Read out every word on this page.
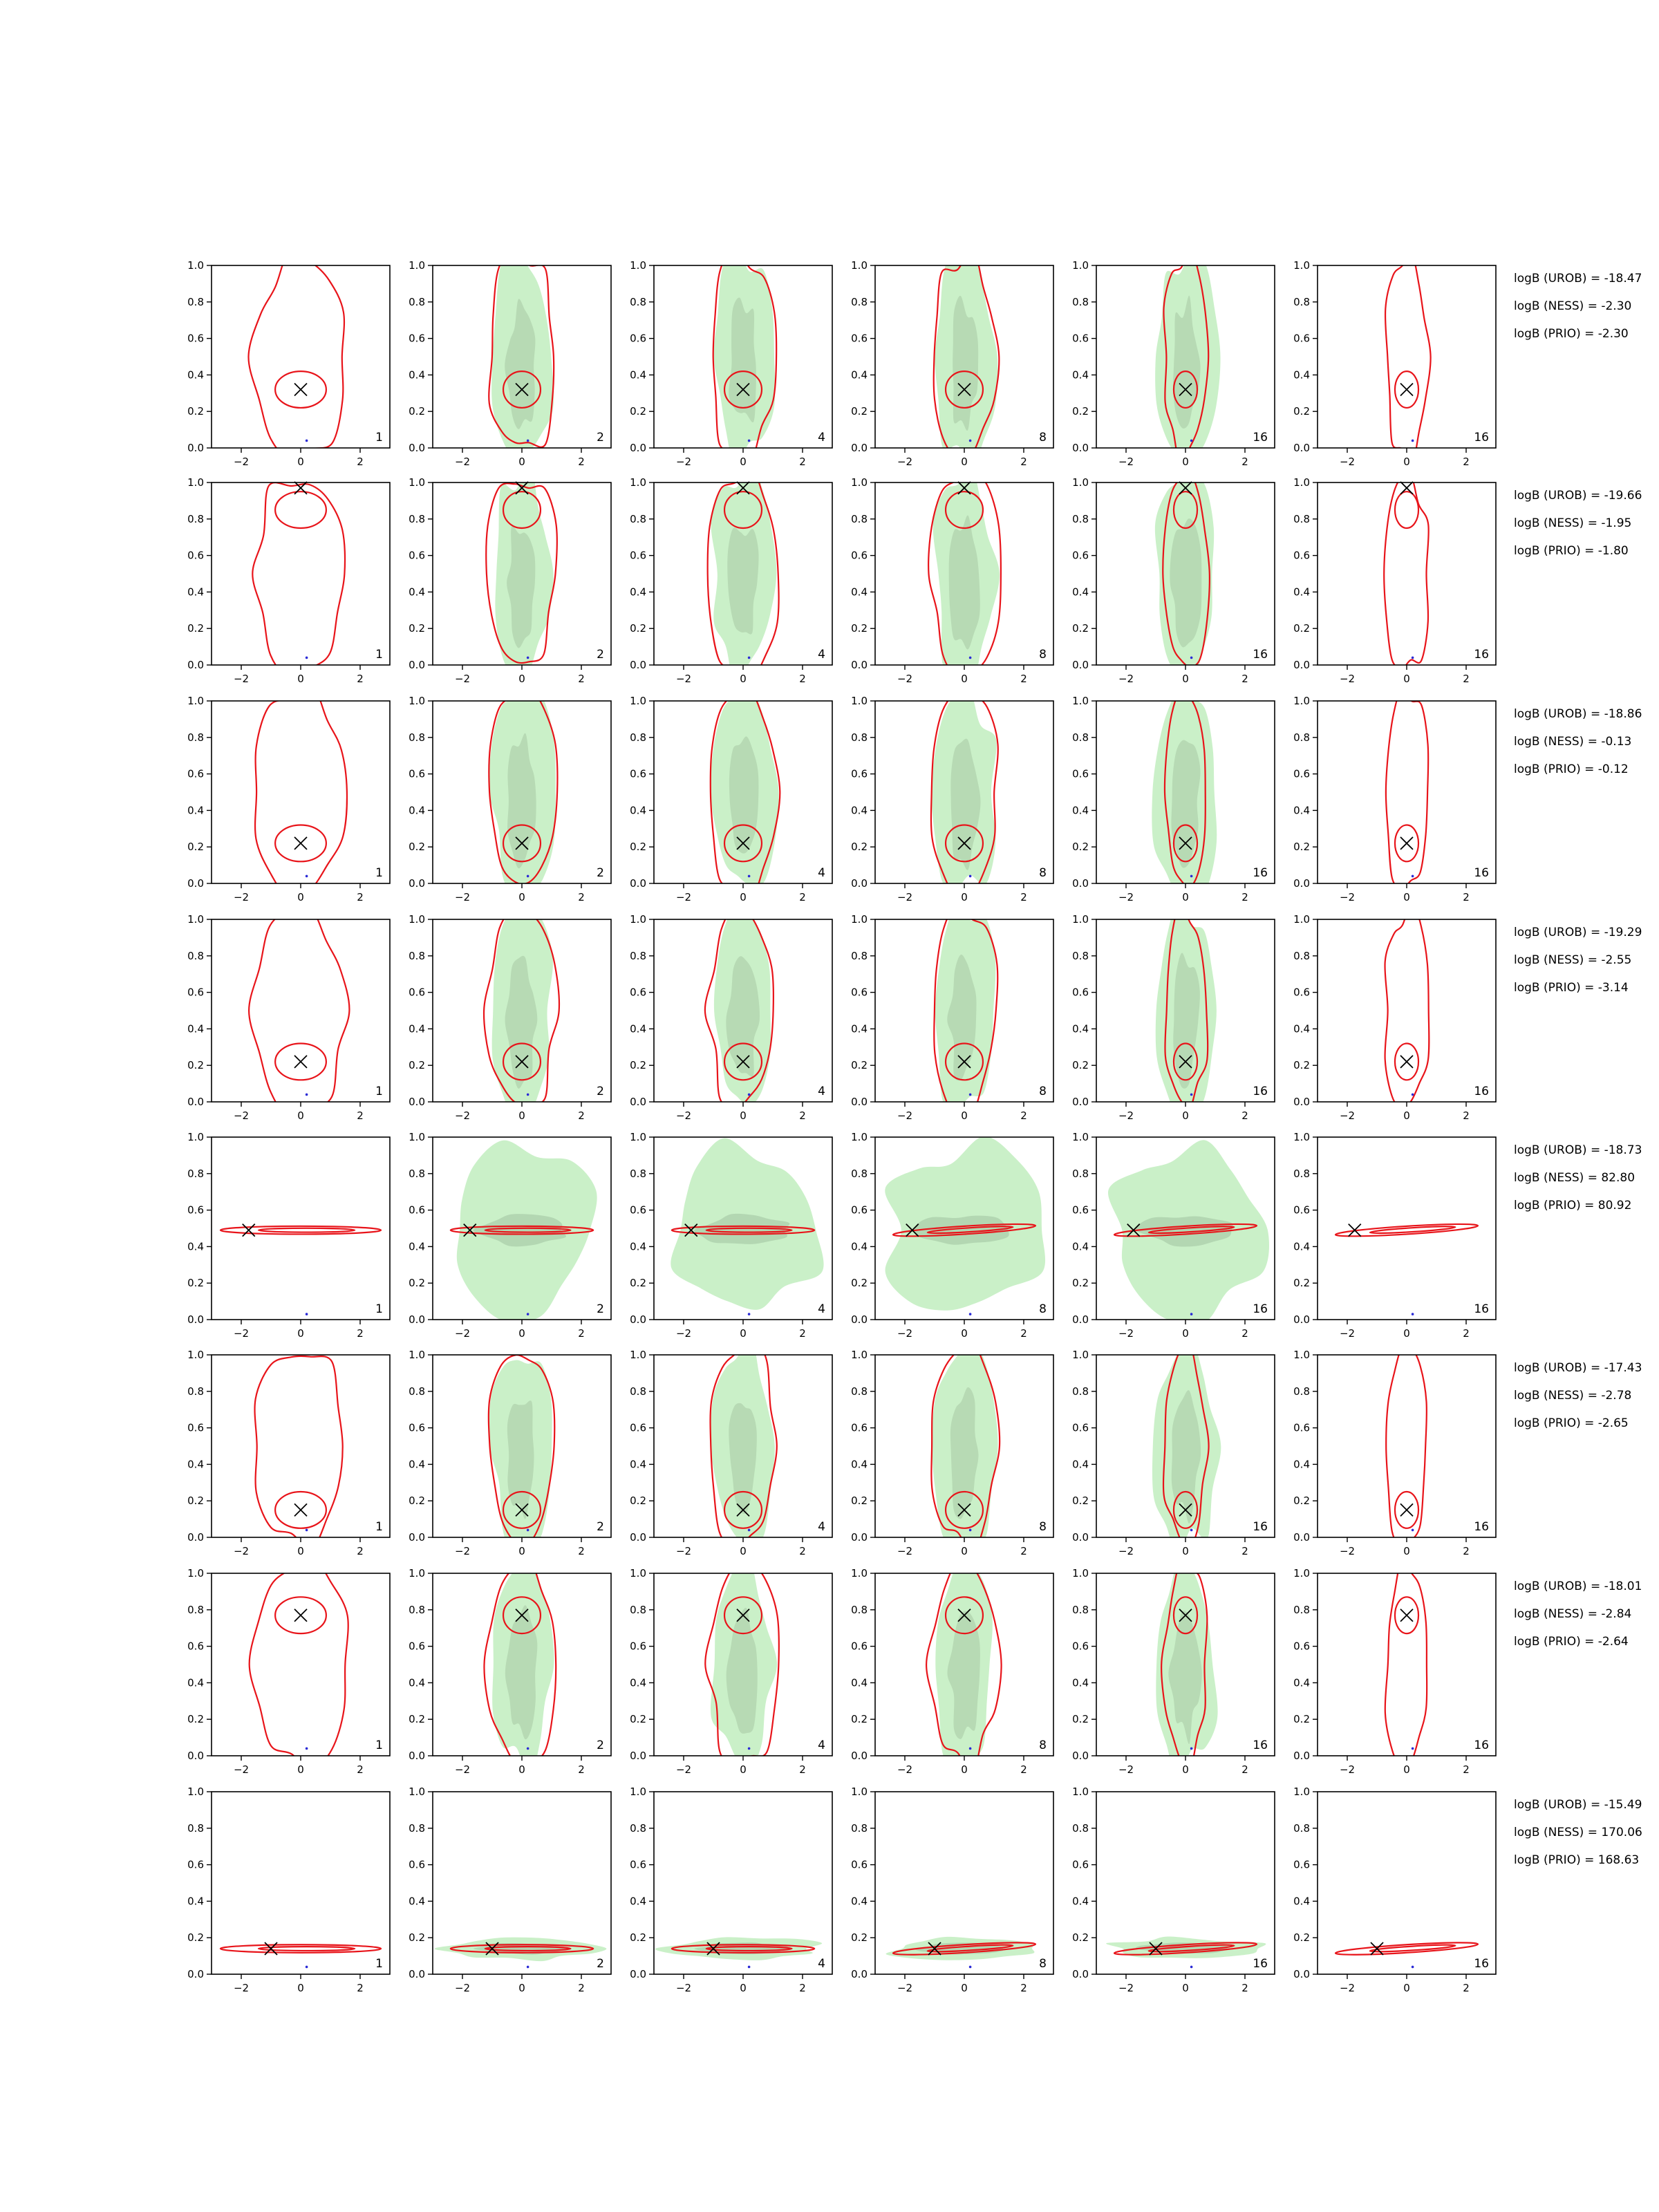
−2	0	2
0.0
0.2
0.4
0.6
0.8
1.0
1
−2	0	2
0.0
0.2
0.4
0.6
0.8
1.0
2
−2	0	2
0.0
0.2
0.4
0.6
0.8
1.0
4
−2	0	2
0.0
0.2
0.4
0.6
0.8
1.0
8
−2	0	2
0.0
0.2
0.4
0.6
0.8
1.0
16
−2	0	2
0.0
0.2
0.4
0.6
0.8
1.0
16
logB (UROB) = -18.47
logB (NESS) = -2.30
logB (PRIO) = -2.30
−2	0	2
0.0
0.2
0.4
0.6
0.8
1.0
1
−2	0	2
0.0
0.2
0.4
0.6
0.8
1.0
2
−2	0	2
0.0
0.2
0.4
0.6
0.8
1.0
4
−2	0	2
0.0
0.2
0.4
0.6
0.8
1.0
8
−2	0	2
0.0
0.2
0.4
0.6
0.8
1.0
16
−2	0	2
0.0
0.2
0.4
0.6
0.8
1.0
16
logB (UROB) = -19.66
logB (NESS) = -1.95
logB (PRIO) = -1.80
−2	0	2
0.0
0.2
0.4
0.6
0.8
1.0
1
−2	0	2
0.0
0.2
0.4
0.6
0.8
1.0
2
−2	0	2
0.0
0.2
0.4
0.6
0.8
1.0
4
−2	0	2
0.0
0.2
0.4
0.6
0.8
1.0
8
−2	0	2
0.0
0.2
0.4
0.6
0.8
1.0
16
−2	0	2
0.0
0.2
0.4
0.6
0.8
1.0
16
logB (UROB) = -18.86
logB (NESS) = -0.13
logB (PRIO) = -0.12
−2	0	2
0.0
0.2
0.4
0.6
0.8
1.0
1
−2	0	2
0.0
0.2
0.4
0.6
0.8
1.0
2
−2	0	2
0.0
0.2
0.4
0.6
0.8
1.0
4
−2	0	2
0.0
0.2
0.4
0.6
0.8
1.0
8
−2	0	2
0.0
0.2
0.4
0.6
0.8
1.0
16
−2	0	2
0.0
0.2
0.4
0.6
0.8
1.0
16
logB (UROB) = -19.29
logB (NESS) = -2.55
logB (PRIO) = -3.14
−2	0	2
0.0
0.2
0.4
0.6
0.8
1.0
1
−2	0	2
0.0
0.2
0.4
0.6
0.8
1.0
2
−2	0	2
0.0
0.2
0.4
0.6
0.8
1.0
4
−2	0	2
0.0
0.2
0.4
0.6
0.8
1.0
8
−2	0	2
0.0
0.2
0.4
0.6
0.8
1.0
16
−2	0	2
0.0
0.2
0.4
0.6
0.8
1.0
16
logB (UROB) = -18.73
logB (NESS) = 82.80
logB (PRIO) = 80.92
−2	0	2
0.0
0.2
0.4
0.6
0.8
1.0
1
−2	0	2
0.0
0.2
0.4
0.6
0.8
1.0
2
−2	0	2
0.0
0.2
0.4
0.6
0.8
1.0
4
−2	0	2
0.0
0.2
0.4
0.6
0.8
1.0
8
−2	0	2
0.0
0.2
0.4
0.6
0.8
1.0
16
−2	0	2
0.0
0.2
0.4
0.6
0.8
1.0
16
logB (UROB) = -17.43
logB (NESS) = -2.78
logB (PRIO) = -2.65
−2	0	2
0.0
0.2
0.4
0.6
0.8
1.0
1
−2	0	2
0.0
0.2
0.4
0.6
0.8
1.0
2
−2	0	2
0.0
0.2
0.4
0.6
0.8
1.0
4
−2	0	2
0.0
0.2
0.4
0.6
0.8
1.0
8
−2	0	2
0.0
0.2
0.4
0.6
0.8
1.0
16
−2	0	2
0.0
0.2
0.4
0.6
0.8
1.0
16
logB (UROB) = -18.01
logB (NESS) = -2.84
logB (PRIO) = -2.64
−2	0	2
0.0
0.2
0.4
0.6
0.8
1.0
1
−2	0	2
0.0
0.2
0.4
0.6
0.8
1.0
2
−2	0	2
0.0
0.2
0.4
0.6
0.8
1.0
4
−2	0	2
0.0
0.2
0.4
0.6
0.8
1.0
8
−2	0	2
0.0
0.2
0.4
0.6
0.8
1.0
16
−2	0	2
0.0
0.2
0.4
0.6
0.8
1.0
16
logB (UROB) = -15.49
logB (NESS) = 170.06
logB (PRIO) = 168.63
